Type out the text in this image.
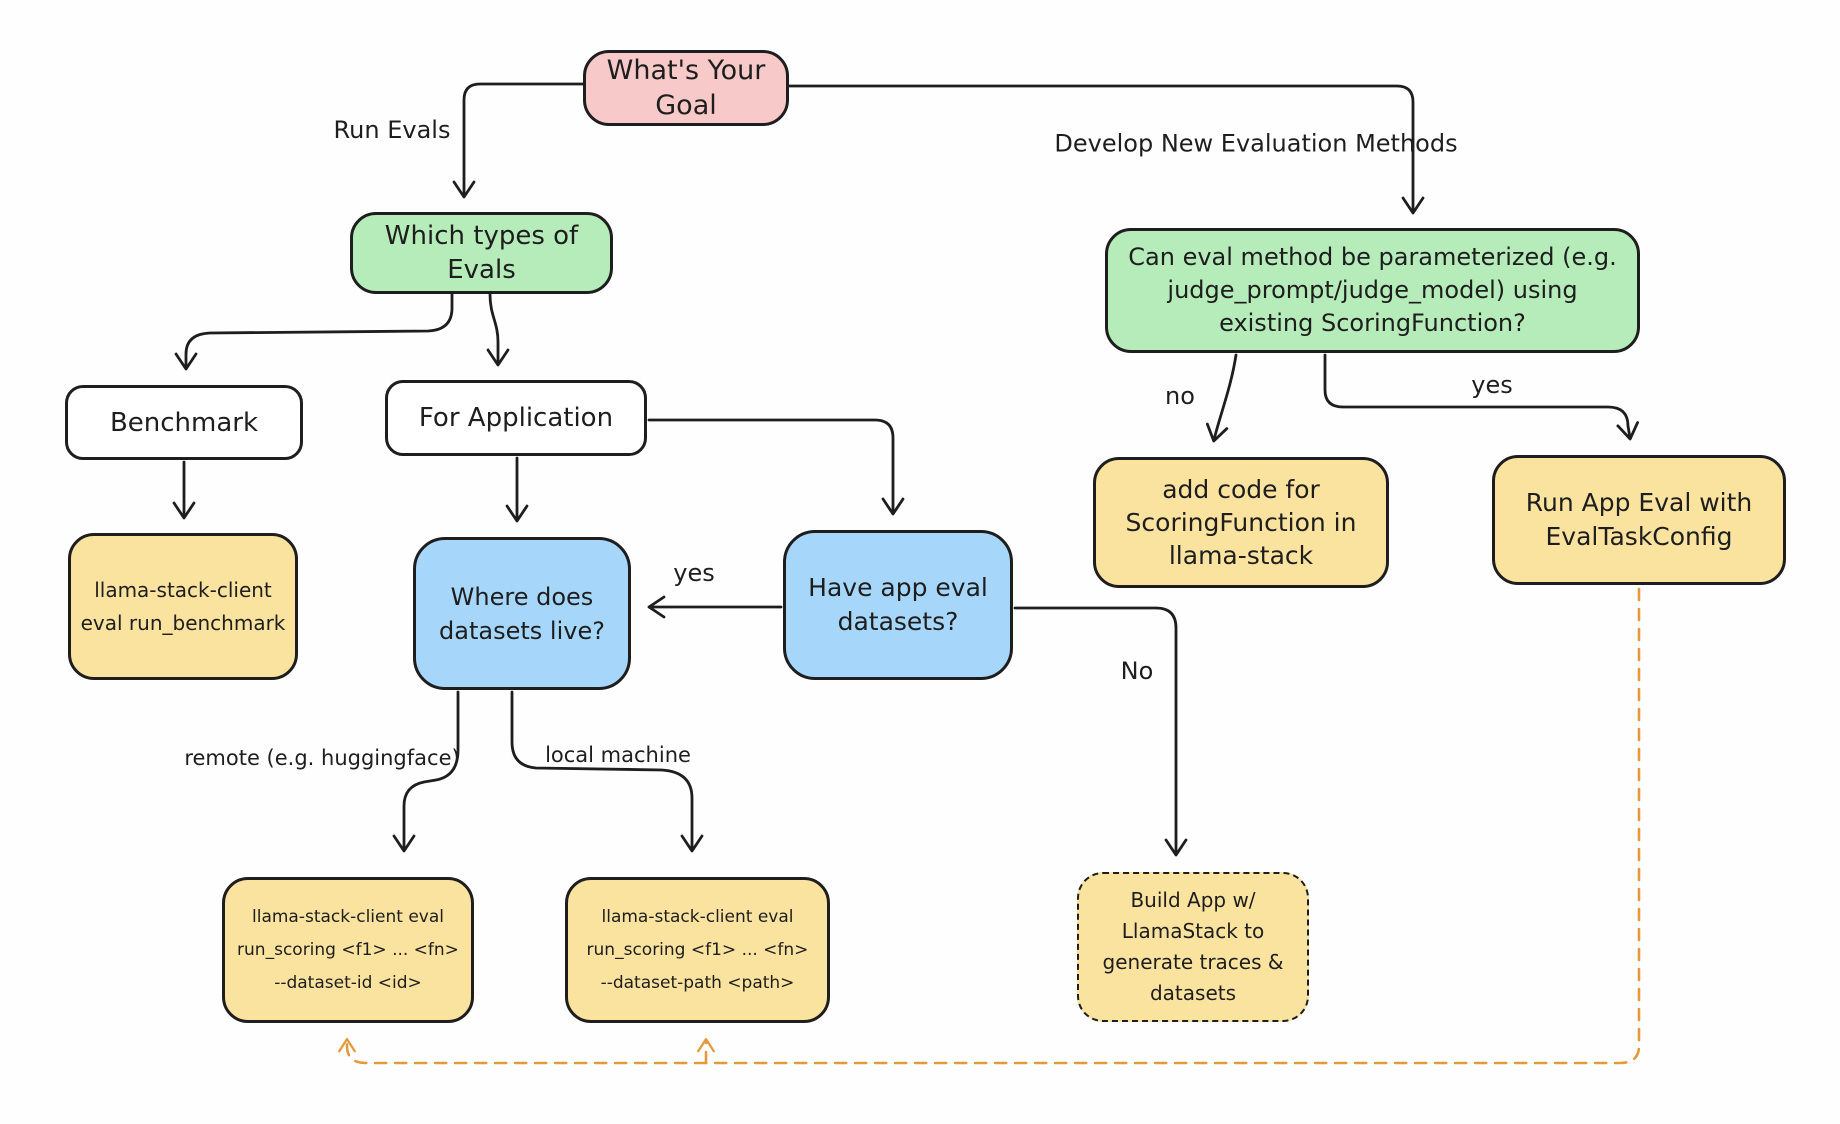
What's Your
Goal
Which types of
Evals	Can eval method be parameterized (e.g.
judge_prompt/judge_model) using
existing ScoringFunction?
Benchmark	For Application
llama-stack-client
eval run_benchmark
Where does
datasets live?
Have app eval
datasets?
add code for
ScoringFunction in
llama-stack
Run App Eval with
EvalTaskConfig
llama-stack-client eval
run_scoring <f1> ... <fn>
--dataset-id <id>
llama-stack-client eval
run_scoring <f1> ... <fn>
--dataset-path <path>
Build App w/
LlamaStack to
generate traces &
datasets
Run Evals	Develop New Evaluation Methods
no	yes
yes
No
remote (e.g. huggingface)	local machine
